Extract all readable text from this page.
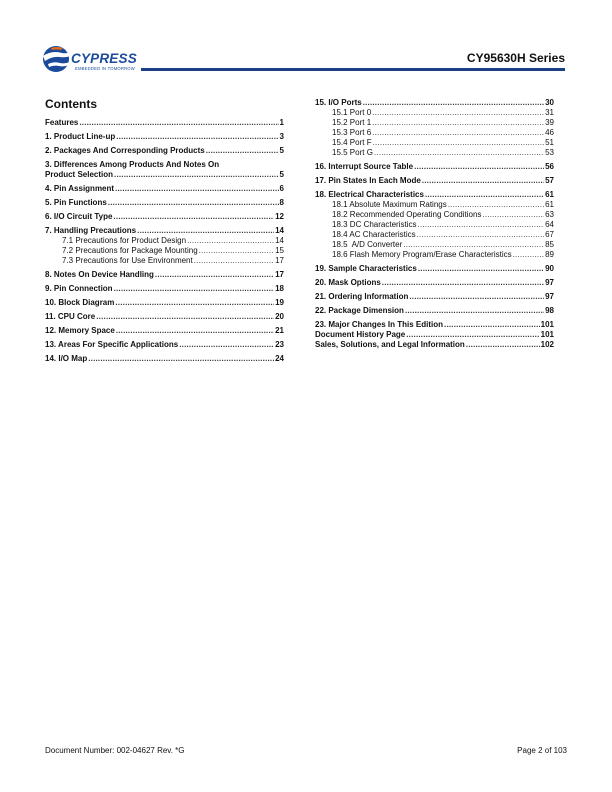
CYPRESS
EMBEDDED IN TOMORROW
CY95630H Series
Contents
Features .....	1
1. Product Line-up .....	3
2. Packages And Corresponding Products .....	5
3. Differences Among Products And Notes On
Product Selection .....	5
4. Pin Assignment .....	6
5. Pin Functions .....	8
6. I/O Circuit Type .....	12
7. Handling Precautions .....	14
7.1 Precautions for Product Design .....	14
7.2 Precautions for Package Mounting .....	15
7.3 Precautions for Use Environment .....	17
8. Notes On Device Handling .....	17
9. Pin Connection .....	18
10. Block Diagram .....	19
11. CPU Core .....	20
12. Memory Space .....	21
13. Areas For Specific Applications .....	23
14. I/O Map .....	24
15. I/O Ports .....	30
15.1 Port 0 .....	31
15.2 Port 1 .....	39
15.3 Port 6 .....	46
15.4 Port F .....	51
15.5 Port G .....	53
16. Interrupt Source Table .....	56
17. Pin States In Each Mode .....	57
18. Electrical Characteristics .....	61
18.1 Absolute Maximum Ratings .....	61
18.2 Recommended Operating Conditions .....	63
18.3 DC Characteristics .....	64
18.4 AC Characteristics .....	67
18.5  A/D Converter .....	85
18.6 Flash Memory Program/Erase Characteristics .....	89
19. Sample Characteristics .....	90
20. Mask Options .....	97
21. Ordering Information .....	97
22. Package Dimension .....	98
23. Major Changes In This Edition .....	101
Document History Page .....	101
Sales, Solutions, and Legal Information .....	102
Document Number: 002-04627 Rev. *G	Page 2 of 103
